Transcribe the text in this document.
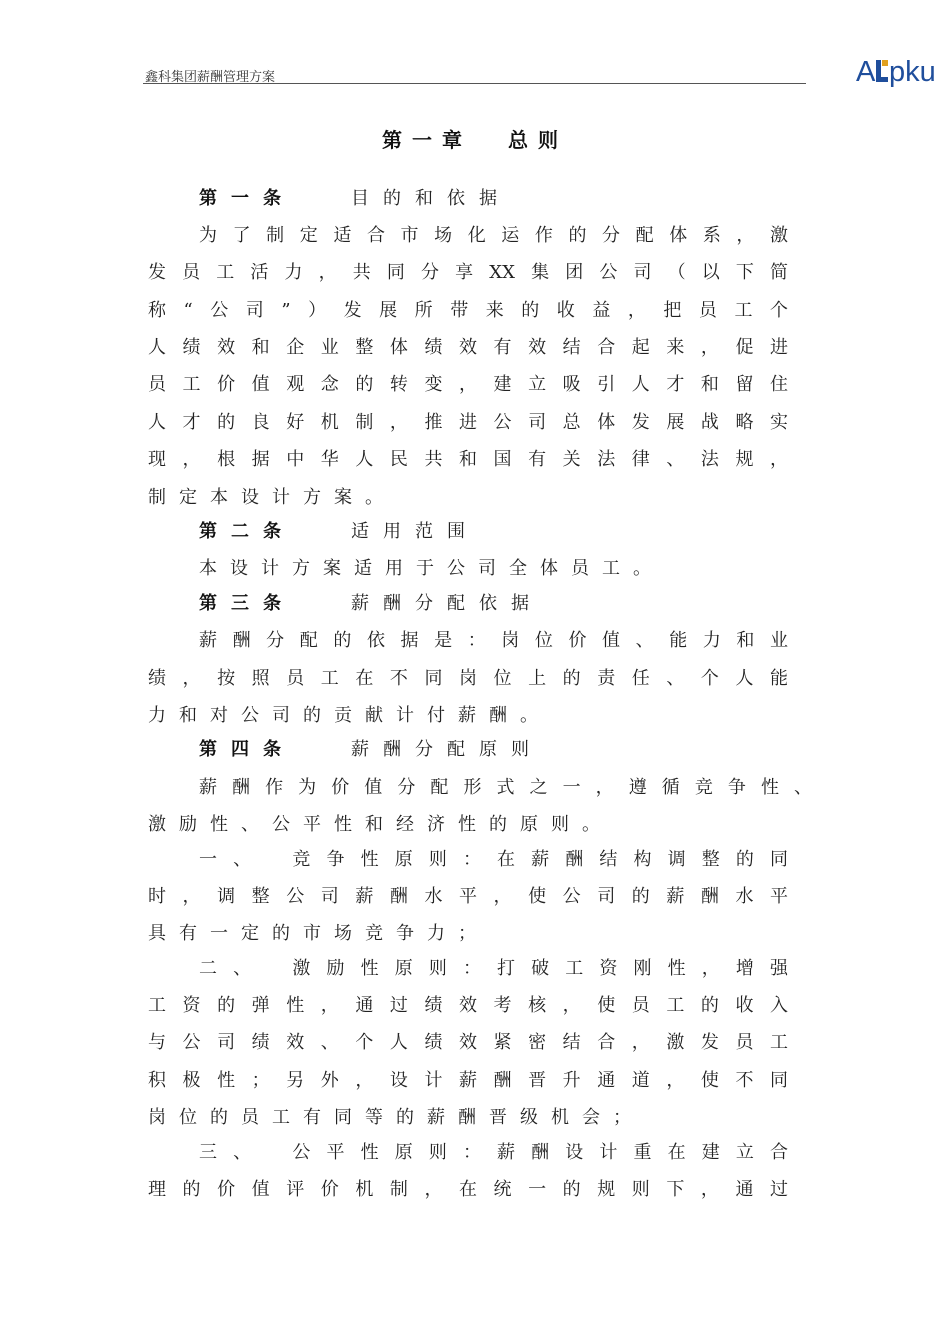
鑫科集团薪酬管理方案	A pku
第一章 总则
第一条	目的和依据
为了制定适合市场化运作的分配体系，激
发员工活力，共同分享XX集团公司（以下简
称“公司”）发展所带来的收益，把员工个
人绩效和企业整体绩效有效结合起来，促进
员工价值观念的转变，建立吸引人才和留住
人才的良好机制，推进公司总体发展战略实
现，根据中华人民共和国有关法律、法规，
制定本设计方案。
第二条	适用范围
本设计方案适用于公司全体员工。
第三条	薪酬分配依据
薪酬分配的依据是：岗位价值、能力和业
绩，按照员工在不同岗位上的责任、个人能
力和对公司的贡献计付薪酬。
第四条	薪酬分配原则
薪酬作为价值分配形式之一，遵循竞争性、
激励性、公平性和经济性的原则。
一、　竞争性原则：在薪酬结构调整的同
时，调整公司薪酬水平，使公司的薪酬水平
具有一定的市场竞争力；
二、　激励性原则：打破工资刚性，增强
工资的弹性，通过绩效考核，使员工的收入
与公司绩效、个人绩效紧密结合，激发员工
积极性；另外，设计薪酬晋升通道，使不同
岗位的员工有同等的薪酬晋级机会；
三、　公平性原则：薪酬设计重在建立合
理的价值评价机制，在统一的规则下，通过
